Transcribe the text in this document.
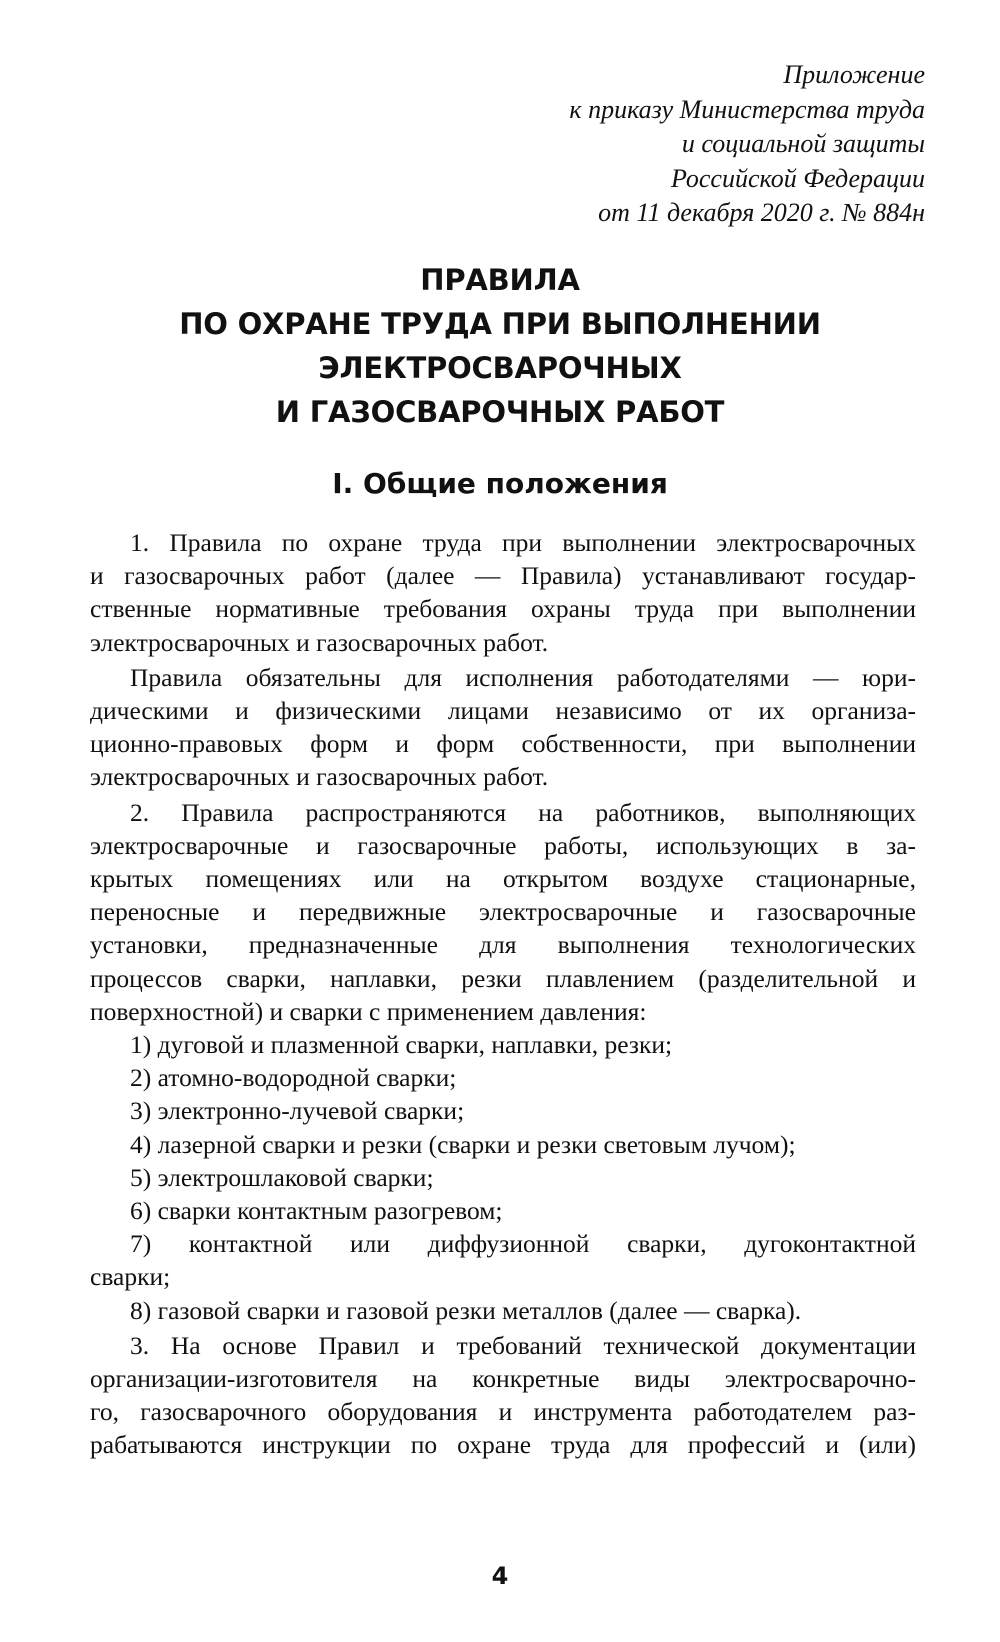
Приложение
к приказу Министерства труда
и социальной защиты
Российской Федерации
от 11 декабря 2020 г. № 884н
ПРАВИЛА
ПО ОХРАНЕ ТРУДА ПРИ ВЫПОЛНЕНИИ
ЭЛЕКТРОСВАРОЧНЫХ
И ГАЗОСВАРОЧНЫХ РАБОТ
I. Общие положения
1. Правила по охране труда при выполнении электросварочных
и газосварочных работ (далее — Правила) устанавливают государ-
ственные нормативные требования охраны труда при выполнении
электросварочных и газосварочных работ.
Правила обязательны для исполнения работодателями — юри-
дическими и физическими лицами независимо от их организа-
ционно-правовых форм и форм собственности, при выполнении
электросварочных и газосварочных работ.
2. Правила распространяются на работников, выполняющих
электросварочные и газосварочные работы, использующих в за-
крытых помещениях или на открытом воздухе стационарные,
переносные и передвижные электросварочные и газосварочные
установки, предназначенные для выполнения технологических
процессов сварки, наплавки, резки плавлением (разделительной и
поверхностной) и сварки с применением давления:
1) дуговой и плазменной сварки, наплавки, резки;
2) атомно-водородной сварки;
3) электронно-лучевой сварки;
4) лазерной сварки и резки (сварки и резки световым лучом);
5) электрошлаковой сварки;
6) сварки контактным разогревом;
7) контактной или диффузионной сварки, дугоконтактной
сварки;
8) газовой сварки и газовой резки металлов (далее — сварка).
3. На основе Правил и требований технической документации
организации-изготовителя на конкретные виды электросварочно-
го, газосварочного оборудования и инструмента работодателем раз-
рабатываются инструкции по охране труда для профессий и (или)
4
